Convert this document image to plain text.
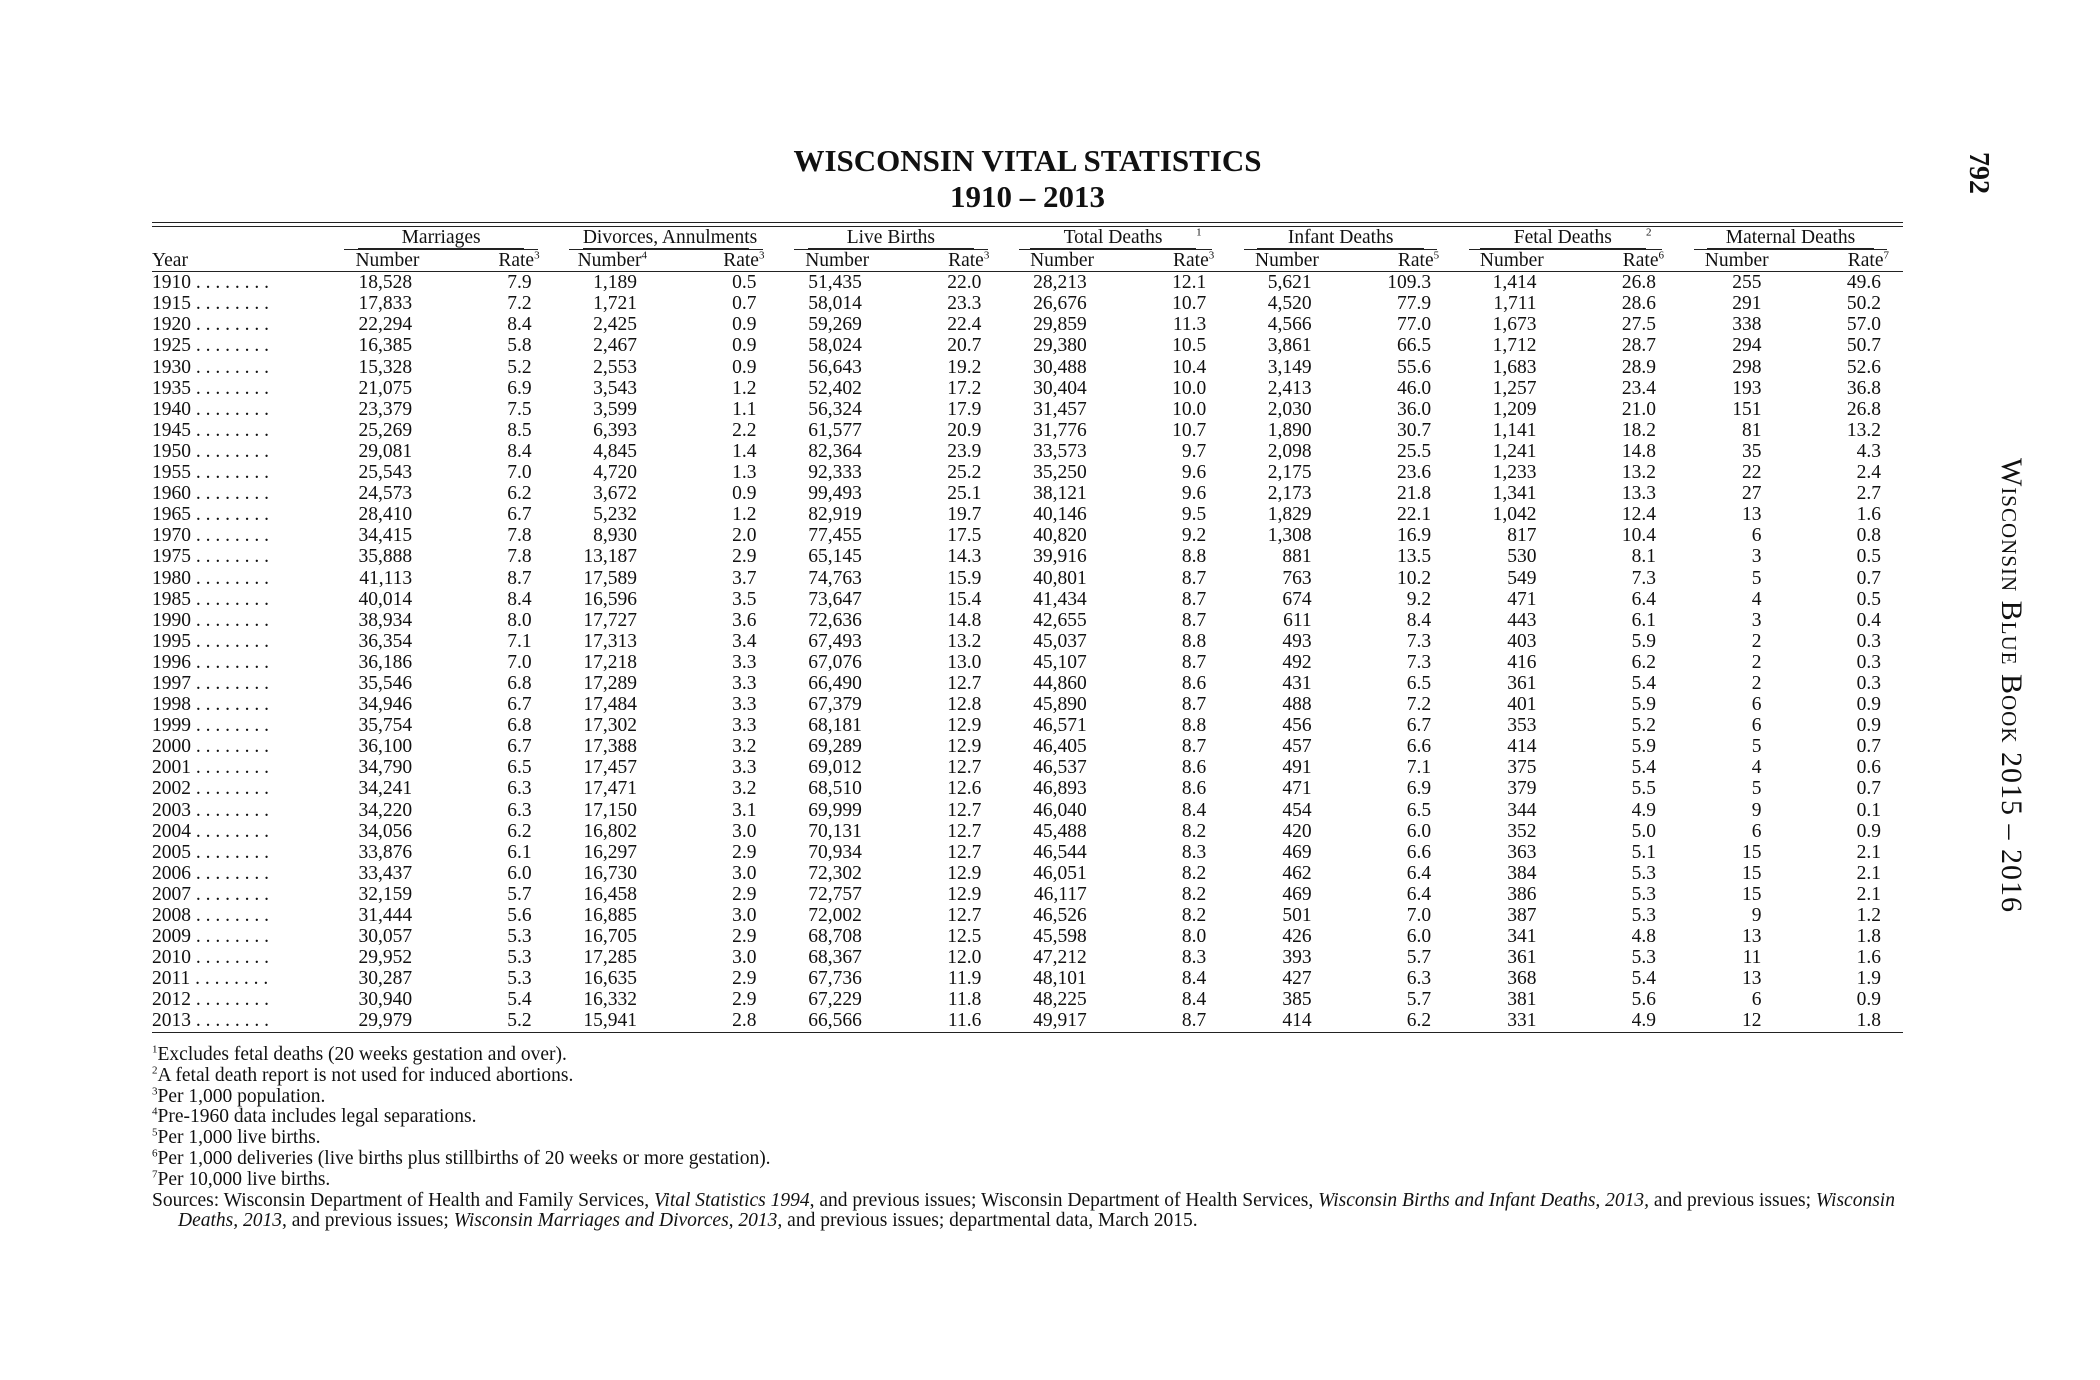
792
Wisconsin Blue Book 2015 – 2016
WISCONSIN VITAL STATISTICS
1910 – 2013
	Marriages		Divorces, Annulments		Live Births		Total Deaths $^1$		Infant Deaths		Fetal Deaths $^2$		Maternal Deaths	
Year	Number	Rate$^3$	Number$^4$	Rate$^3$	Number	Rate$^3$	Number	Rate$^3$	Number	Rate$^5$	Number	Rate$^6$	Number	Rate$^7$
1910 . . . . . . . .	18,528	7.9	1,189	0.5	51,435	22.0	28,213	12.1	5,621	109.3	1,414	26.8	255	49.6
1915 . . . . . . . .	17,833	7.2	1,721	0.7	58,014	23.3	26,676	10.7	4,520	77.9	1,711	28.6	291	50.2
1920 . . . . . . . .	22,294	8.4	2,425	0.9	59,269	22.4	29,859	11.3	4,566	77.0	1,673	27.5	338	57.0
1925 . . . . . . . .	16,385	5.8	2,467	0.9	58,024	20.7	29,380	10.5	3,861	66.5	1,712	28.7	294	50.7
1930 . . . . . . . .	15,328	5.2	2,553	0.9	56,643	19.2	30,488	10.4	3,149	55.6	1,683	28.9	298	52.6
1935 . . . . . . . .	21,075	6.9	3,543	1.2	52,402	17.2	30,404	10.0	2,413	46.0	1,257	23.4	193	36.8
1940 . . . . . . . .	23,379	7.5	3,599	1.1	56,324	17.9	31,457	10.0	2,030	36.0	1,209	21.0	151	26.8
1945 . . . . . . . .	25,269	8.5	6,393	2.2	61,577	20.9	31,776	10.7	1,890	30.7	1,141	18.2	81	13.2
1950 . . . . . . . .	29,081	8.4	4,845	1.4	82,364	23.9	33,573	9.7	2,098	25.5	1,241	14.8	35	4.3
1955 . . . . . . . .	25,543	7.0	4,720	1.3	92,333	25.2	35,250	9.6	2,175	23.6	1,233	13.2	22	2.4
1960 . . . . . . . .	24,573	6.2	3,672	0.9	99,493	25.1	38,121	9.6	2,173	21.8	1,341	13.3	27	2.7
1965 . . . . . . . .	28,410	6.7	5,232	1.2	82,919	19.7	40,146	9.5	1,829	22.1	1,042	12.4	13	1.6
1970 . . . . . . . .	34,415	7.8	8,930	2.0	77,455	17.5	40,820	9.2	1,308	16.9	817	10.4	6	0.8
1975 . . . . . . . .	35,888	7.8	13,187	2.9	65,145	14.3	39,916	8.8	881	13.5	530	8.1	3	0.5
1980 . . . . . . . .	41,113	8.7	17,589	3.7	74,763	15.9	40,801	8.7	763	10.2	549	7.3	5	0.7
1985 . . . . . . . .	40,014	8.4	16,596	3.5	73,647	15.4	41,434	8.7	674	9.2	471	6.4	4	0.5
1990 . . . . . . . .	38,934	8.0	17,727	3.6	72,636	14.8	42,655	8.7	611	8.4	443	6.1	3	0.4
1995 . . . . . . . .	36,354	7.1	17,313	3.4	67,493	13.2	45,037	8.8	493	7.3	403	5.9	2	0.3
1996 . . . . . . . .	36,186	7.0	17,218	3.3	67,076	13.0	45,107	8.7	492	7.3	416	6.2	2	0.3
1997 . . . . . . . .	35,546	6.8	17,289	3.3	66,490	12.7	44,860	8.6	431	6.5	361	5.4	2	0.3
1998 . . . . . . . .	34,946	6.7	17,484	3.3	67,379	12.8	45,890	8.7	488	7.2	401	5.9	6	0.9
1999 . . . . . . . .	35,754	6.8	17,302	3.3	68,181	12.9	46,571	8.8	456	6.7	353	5.2	6	0.9
2000 . . . . . . . .	36,100	6.7	17,388	3.2	69,289	12.9	46,405	8.7	457	6.6	414	5.9	5	0.7
2001 . . . . . . . .	34,790	6.5	17,457	3.3	69,012	12.7	46,537	8.6	491	7.1	375	5.4	4	0.6
2002 . . . . . . . .	34,241	6.3	17,471	3.2	68,510	12.6	46,893	8.6	471	6.9	379	5.5	5	0.7
2003 . . . . . . . .	34,220	6.3	17,150	3.1	69,999	12.7	46,040	8.4	454	6.5	344	4.9	9	0.1
2004 . . . . . . . .	34,056	6.2	16,802	3.0	70,131	12.7	45,488	8.2	420	6.0	352	5.0	6	0.9
2005 . . . . . . . .	33,876	6.1	16,297	2.9	70,934	12.7	46,544	8.3	469	6.6	363	5.1	15	2.1
2006 . . . . . . . .	33,437	6.0	16,730	3.0	72,302	12.9	46,051	8.2	462	6.4	384	5.3	15	2.1
2007 . . . . . . . .	32,159	5.7	16,458	2.9	72,757	12.9	46,117	8.2	469	6.4	386	5.3	15	2.1
2008 . . . . . . . .	31,444	5.6	16,885	3.0	72,002	12.7	46,526	8.2	501	7.0	387	5.3	9	1.2
2009 . . . . . . . .	30,057	5.3	16,705	2.9	68,708	12.5	45,598	8.0	426	6.0	341	4.8	13	1.8
2010 . . . . . . . .	29,952	5.3	17,285	3.0	68,367	12.0	47,212	8.3	393	5.7	361	5.3	11	1.6
2011 . . . . . . . .	30,287	5.3	16,635	2.9	67,736	11.9	48,101	8.4	427	6.3	368	5.4	13	1.9
2012 . . . . . . . .	30,940	5.4	16,332	2.9	67,229	11.8	48,225	8.4	385	5.7	381	5.6	6	0.9
2013 . . . . . . . .	29,979	5.2	15,941	2.8	66,566	11.6	49,917	8.7	414	6.2	331	4.9	12	1.8
$^1$Excludes fetal deaths (20 weeks gestation and over).
$^2$A fetal death report is not used for induced abortions.
$^3$Per 1,000 population.
$^4$Pre-1960 data includes legal separations.
$^5$Per 1,000 live births.
$^6$Per 1,000 deliveries (live births plus stillbirths of 20 weeks or more gestation).
$^7$Per 10,000 live births.
Sources: Wisconsin Department of Health and Family Services, Vital Statistics 1994, and previous issues; Wisconsin Department of Health Services, Wisconsin Births and Infant Deaths, 2013, and previous issues; Wisconsin Deaths, 2013, and previous issues; Wisconsin Marriages and Divorces, 2013, and previous issues; departmental data, March 2015.
